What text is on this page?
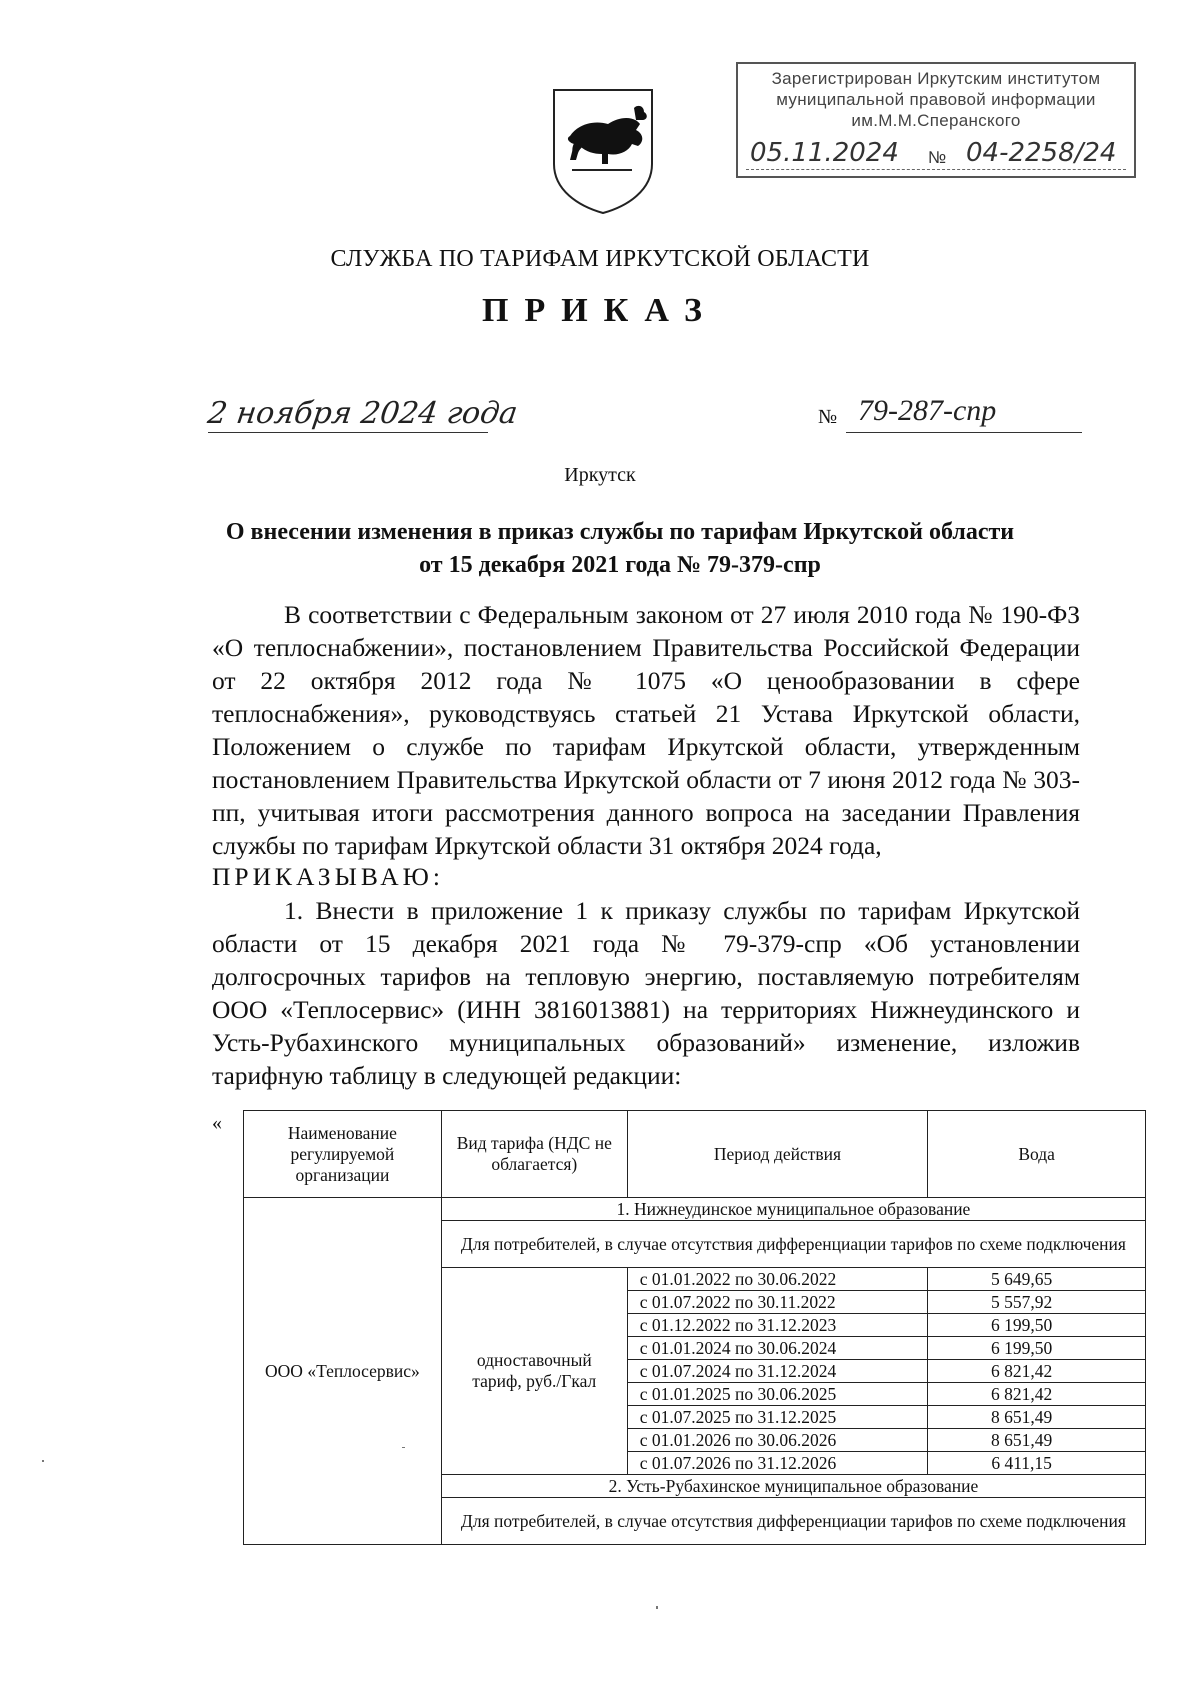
Зарегистрирован Иркутским институтом
муниципальной правовой информации
им.М.М.Сперанского
05.11.2024 № 04-2258/24
СЛУЖБА ПО ТАРИФАМ ИРКУТСКОЙ ОБЛАСТИ
ПРИКАЗ
2 ноября 2024 года	№ 79-287-спр
Иркутск
О внесении изменения в приказ службы по тарифам Иркутской области
от 15 декабря 2021 года № 79-379-спр

В соответствии с Федеральным законом от 27 июля 2010 года № 190-ФЗ «О теплоснабжении», постановлением Правительства Российской Федерации от 22 октября 2012 года № 1075 «О ценообразовании в сфере теплоснабжения», руководствуясь статьей 21 Устава Иркутской области, Положением о службе по тарифам Иркутской области, утвержденным постановлением Правительства Иркутской области от 7 июня 2012 года № 303-пп, учитывая итоги рассмотрения данного вопроса на заседании Правления службы по тарифам Иркутской области 31 октября 2024 года,

ПРИКАЗЫВАЮ:

1. Внести в приложение 1 к приказу службы по тарифам Иркутской области от 15 декабря 2021 года № 79-379-спр «Об установлении долгосрочных тарифов на тепловую энергию, поставляемую потребителям ООО «Теплосервис» (ИНН 3816013881) на территориях Нижнеудинского и Усть-Рубахинского муниципальных образований» изменение, изложив тарифную таблицу в следующей редакции:

«	Наименование регулируемой организации	Вид тарифа (НДС не облагается)	Период действия	Вода
ООО «Теплосервис»	1. Нижнеудинское муниципальное образование		
	Для потребителей, в случае отсутствия дифференциации тарифов по схеме подключения		
	одноставочный тариф, руб./Гкал	с 01.01.2022 по 30.06.2022	5 649,65
		с 01.07.2022 по 30.11.2022	5 557,92
		с 01.12.2022 по 31.12.2023	6 199,50
		с 01.01.2024 по 30.06.2024	6 199,50
		с 01.07.2024 по 31.12.2024	6 821,42
		с 01.01.2025 по 30.06.2025	6 821,42
		с 01.07.2025 по 31.12.2025	8 651,49
		с 01.01.2026 по 30.06.2026	8 651,49
		с 01.07.2026 по 31.12.2026	6 411,15
	2. Усть-Рубахинское муниципальное образование		
	Для потребителей, в случае отсутствия дифференциации тарифов по схеме подключения		
